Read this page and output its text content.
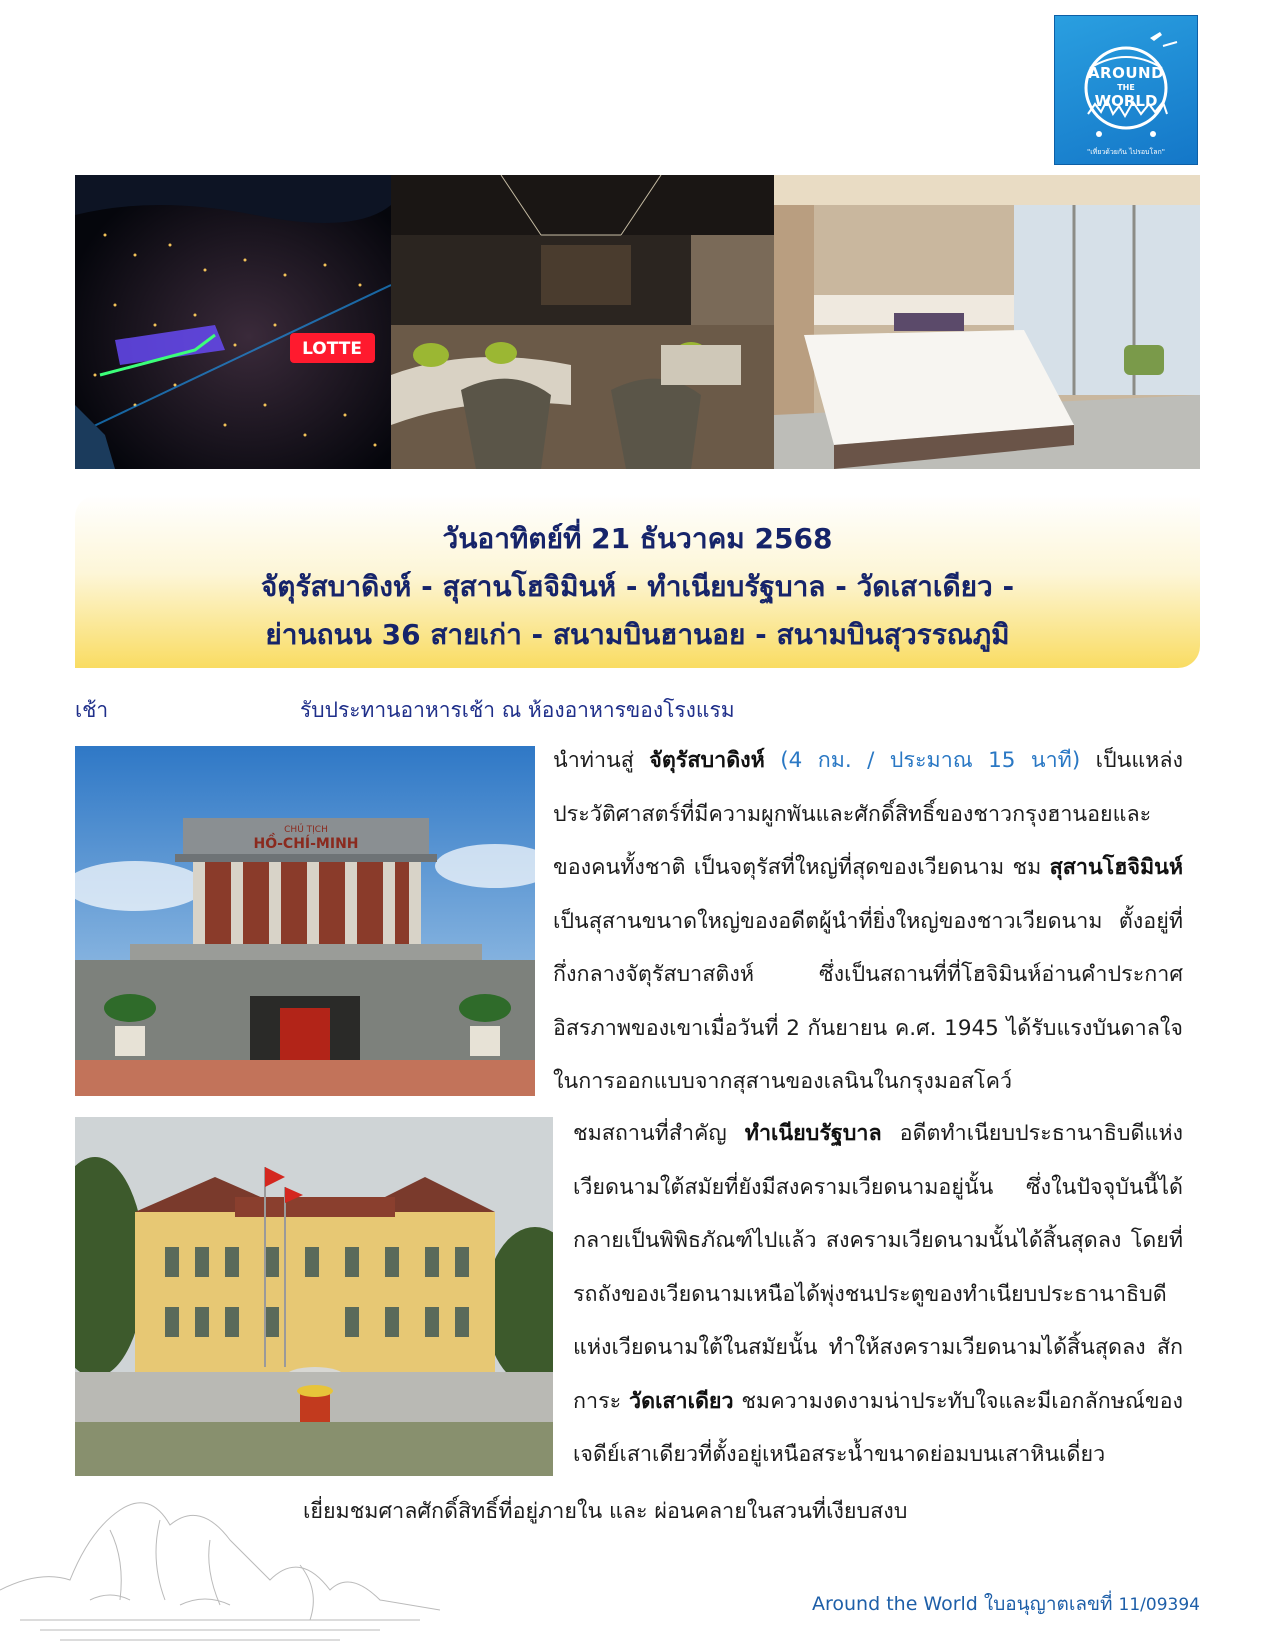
AROUND
THE
WORLD
"เที่ยวด้วยกัน ไปรอบโลก"
LOTTE
วันอาทิตย์ที่ 21 ธันวาคม 2568
จัตุรัสบาดิงห์ - สุสานโฮจิมินห์ - ทำเนียบรัฐบาล - วัดเสาเดียว -
ย่านถนน 36 สายเก่า - สนามบินฮานอย - สนามบินสุวรรณภูมิ
เช้า	รับประทานอาหารเช้า ณ ห้องอาหารของโรงแรม
CHỦ TỊCH
HỒ-CHÍ-MINH
นำท่านสู่ จัตุรัสบาดิงห์ (4 กม. / ประมาณ 15 นาที) เป็นแหล่งประวัติศาสตร์ที่มีความผูกพันและศักดิ์สิทธิ์ของชาวกรุงฮานอยและของคนทั้งชาติ เป็นจตุรัสที่ใหญ่ที่สุดของเวียดนาม ชม สุสานโฮจิมินห์ เป็นสุสานขนาดใหญ่ของอดีตผู้นำที่ยิ่งใหญ่ของชาวเวียดนาม ตั้งอยู่ที่กึ่งกลางจัตุรัสบาสติงห์ ซึ่งเป็นสถานที่ที่โฮจิมินห์อ่านคำประกาศอิสรภาพของเขาเมื่อวันที่ 2 กันยายน ค.ศ. 1945 ได้รับแรงบันดาลใจในการออกแบบจากสุสานของเลนินในกรุงมอสโคว์
ชมสถานที่สำคัญ ทำเนียบรัฐบาล อดีตทำเนียบประธานาธิบดีแห่งเวียดนามใต้สมัยที่ยังมีสงครามเวียดนามอยู่นั้น ซึ่งในปัจจุบันนี้ได้กลายเป็นพิพิธภัณฑ์ไปแล้ว สงครามเวียดนามนั้นได้สิ้นสุดลง โดยที่รถถังของเวียดนามเหนือได้พุ่งชนประตูของทำเนียบประธานาธิบดีแห่งเวียดนามใต้ในสมัยนั้น ทำให้สงครามเวียดนามได้สิ้นสุดลง สักการะ วัดเสาเดียว ชมความงดงามน่าประทับใจและมีเอกลักษณ์ของเจดีย์เสาเดียวที่ตั้งอยู่เหนือสระน้ำขนาดย่อมบนเสาหินเดี่ยว
เยี่ยมชมศาลศักดิ์สิทธิ์ที่อยู่ภายใน และ ผ่อนคลายในสวนที่เงียบสงบ
Around the World ใบอนุญาตเลขที่ 11/09394
